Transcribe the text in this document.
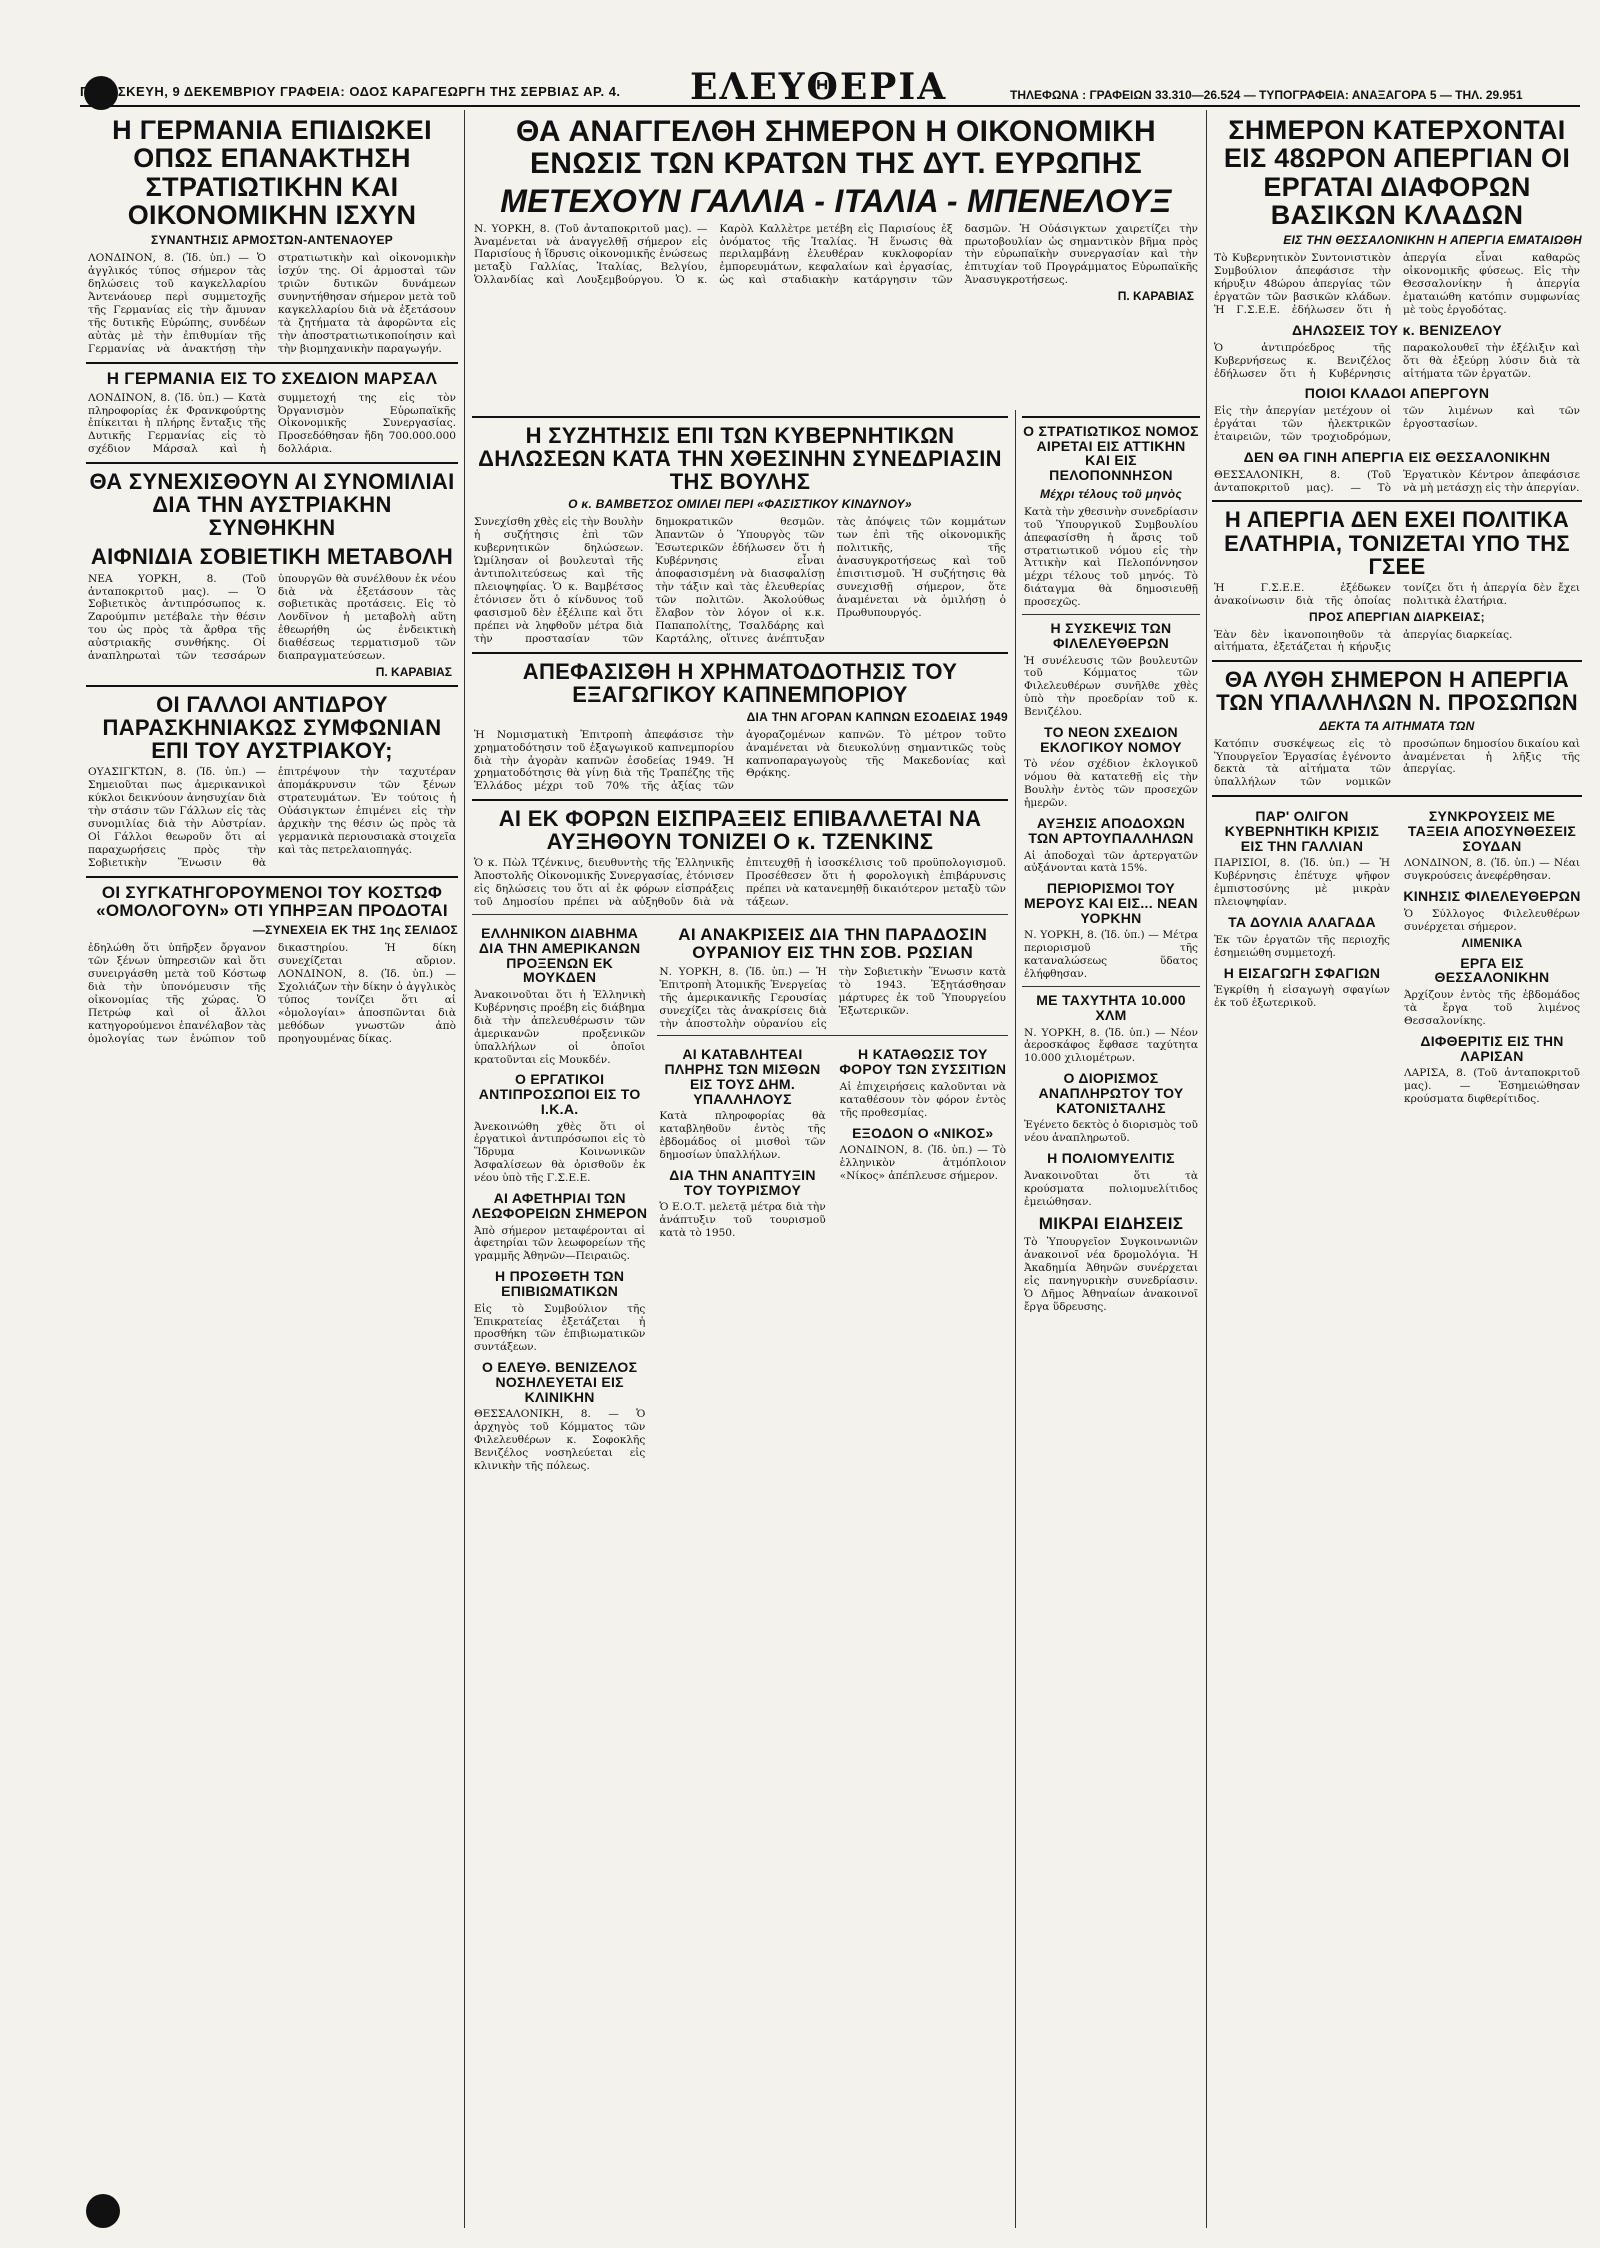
ΠΑΡΑΣΚΕΥΗ, 9 ΔΕΚΕΜΒΡΙΟΥ ΓΡΑΦΕΙΑ: ΟΔΟΣ ΚΑΡΑΓΕΩΡΓΗ ΤΗΣ ΣΕΡΒΙΑΣ ΑΡ. 4. ΕΛΕΥΘΕΡΙΑ	ΤΗΛΕΦΩΝΑ : ΓΡΑΦΕΙΩΝ 33.310—26.524 — ΤΥΠΟΓΡΑΦΕΙΑ: ΑΝΑΞΑΓΟΡΑ 5 — ΤΗΛ. 29.951
Η ΓΕΡΜΑΝΙΑ ΕΠΙΔΙΩΚΕΙ ΟΠΩΣ ΕΠΑΝΑΚΤΗΣΗ ΣΤΡΑΤΙΩΤΙΚΗΝ ΚΑΙ ΟΙΚΟΝΟΜΙΚΗΝ ΙΣΧΥΝ
ΣΥΝΑΝΤΗΣΙΣ ΑΡΜΟΣΤΩΝ-ΑΝΤΕΝΑΟΥΕΡ
ΛΟΝΔΙΝΟΝ, 8. (Ἰδ. ὑπ.) — Ὁ ἀγγλικός τύπος σήμερον τὰς δηλώσεις τοῦ καγκελλαρίου Ἀντενάουερ περὶ συμμετοχῆς τῆς Γερμανίας εἰς τὴν ἄμυναν τῆς δυτικῆς Εὐρώπης, συνδέων αὐτὰς μὲ τὴν ἐπιθυμίαν τῆς Γερμανίας νὰ ἀνακτήσῃ τὴν στρατιωτικὴν καὶ οἰκονομικὴν ἰσχύν της. Οἱ ἀρμοσταὶ τῶν τριῶν δυτικῶν δυνάμεων συνηντήθησαν σήμερον μετὰ τοῦ καγκελλαρίου διὰ νὰ ἐξετάσουν τὰ ζητήματα τὰ ἀφορῶντα εἰς τὴν ἀποστρατιωτικοποίησιν καὶ τὴν βιομηχανικὴν παραγωγήν.
Η ΓΕΡΜΑΝΙΑ ΕΙΣ ΤΟ ΣΧΕΔΙΟΝ ΜΑΡΣΑΛ
ΛΟΝΔΙΝΟΝ, 8. (Ἰδ. ὑπ.) — Κατὰ πληροφορίας ἐκ Φρανκφούρτης ἐπίκειται ἡ πλήρης ἔνταξις τῆς Δυτικῆς Γερμανίας εἰς τὸ σχέδιον Μάρσαλ καὶ ἡ συμμετοχή της εἰς τὸν Ὀργανισμὸν Εὐρωπαϊκῆς Οἰκονομικῆς Συνεργασίας. Προσεδόθησαν ἤδη 700.000.000 δολλάρια.
ΘΑ ΣΥΝΕΧΙΣΘΟΥΝ ΑΙ ΣΥΝΟΜΙΛΙΑΙ ΔΙΑ ΤΗΝ ΑΥΣΤΡΙΑΚΗΝ ΣΥΝΘΗΚΗΝ
ΑΙΦΝΙΔΙΑ ΣΟΒΙΕΤΙΚΗ ΜΕΤΑΒΟΛΗ
ΝΕΑ ΥΟΡΚΗ, 8. (Τοῦ ἀνταποκριτοῦ μας). — Ὁ Σοβιετικὸς ἀντιπρόσωπος κ. Ζαρούμπιν μετέβαλε τὴν θέσιν του ὡς πρὸς τὰ ἄρθρα τῆς αὐστριακῆς συνθήκης. Οἱ ἀναπληρωταὶ τῶν τεσσάρων ὑπουργῶν θὰ συνέλθουν ἐκ νέου διὰ νὰ ἐξετάσουν τὰς σοβιετικὰς προτάσεις. Εἰς τὸ Λονδῖνον ἡ μεταβολὴ αὕτη ἐθεωρήθη ὡς ἐνδεικτικὴ διαθέσεως τερματισμοῦ τῶν διαπραγματεύσεων.
Π. ΚΑΡΑΒΙΑΣ
ΟΙ ΓΑΛΛΟΙ ΑΝΤΙΔΡΟΥ ΠΑΡΑΣΚΗΝΙΑΚΩΣ ΣΥΜΦΩΝΙΑΝ ΕΠΙ ΤΟΥ ΑΥΣΤΡΙΑΚΟΥ;
ΟΥΑΣΙΓΚΤΩΝ, 8. (Ἰδ. ὑπ.) — Σημειοῦται πως ἀμερικανικοὶ κύκλοι δεικνύουν ἀνησυχίαν διὰ τὴν στάσιν τῶν Γάλλων εἰς τὰς συνομιλίας διὰ τὴν Αὐστρίαν. Οἱ Γάλλοι θεωροῦν ὅτι αἱ παραχωρήσεις πρὸς τὴν Σοβιετικὴν Ἕνωσιν θὰ ἐπιτρέψουν τὴν ταχυτέραν ἀπομάκρυνσιν τῶν ξένων στρατευμάτων. Ἐν τούτοις ἡ Οὐάσιγκτων ἐπιμένει εἰς τὴν ἀρχικὴν της θέσιν ὡς πρὸς τὰ γερμανικὰ περιουσιακὰ στοιχεῖα καὶ τὰς πετρελαιοπηγάς.
ΟΙ ΣΥΓΚΑΤΗΓΟΡΟΥΜΕΝΟΙ ΤΟΥ ΚΟΣΤΩΦ «ΟΜΟΛΟΓΟΥΝ» ΟΤΙ ΥΠΗΡΞΑΝ ΠΡΟΔΟΤΑΙ
—ΣΥΝΕΧΕΙΑ ΕΚ ΤΗΣ 1ης ΣΕΛΙΔΟΣ
ἐδηλώθη ὅτι ὑπῆρξεν ὄργανον τῶν ξένων ὑπηρεσιῶν καὶ ὅτι συνειργάσθη μετὰ τοῦ Κόστωφ διὰ τὴν ὑπονόμευσιν τῆς οἰκονομίας τῆς χώρας. Ὁ Πετρώφ καὶ οἱ ἄλλοι κατηγορούμενοι ἐπανέλαβον τὰς ὁμολογίας των ἐνώπιον τοῦ δικαστηρίου. Ἡ δίκη συνεχίζεται αὔριον. ΛΟΝΔΙΝΟΝ, 8. (Ἰδ. ὑπ.) — Σχολιάζων τὴν δίκην ὁ ἀγγλικὸς τύπος τονίζει ὅτι αἱ «ὁμολογίαι» ἀποσπῶνται διὰ μεθόδων γνωστῶν ἀπὸ προηγουμένας δίκας.
ΘΑ ΑΝΑΓΓΕΛΘΗ ΣΗΜΕΡΟΝ Η ΟΙΚΟΝΟΜΙΚΗ ΕΝΩΣΙΣ ΤΩΝ ΚΡΑΤΩΝ ΤΗΣ ΔΥΤ. ΕΥΡΩΠΗΣ
ΜΕΤΕΧΟΥΝ ΓΑΛΛΙΑ - ΙΤΑΛΙΑ - ΜΠΕΝΕΛΟΥΞ
Ν. ΥΟΡΚΗ, 8. (Τοῦ ἀνταποκριτοῦ μας). — Ἀναμένεται νὰ ἀναγγελθῇ σήμερον εἰς Παρισίους ἡ ἵδρυσις οἰκονομικῆς ἑνώσεως μεταξὺ Γαλλίας, Ἰταλίας, Βελγίου, Ὁλλανδίας καὶ Λουξεμβούργου. Ὁ κ. Καρὸλ Καλλὲτρε μετέβη εἰς Παρισίους ἐξ ὀνόματος τῆς Ἰταλίας. Ἡ ἕνωσις θὰ περιλαμβάνῃ ἐλευθέραν κυκλοφορίαν ἐμπορευμάτων, κεφαλαίων καὶ ἐργασίας, ὡς καὶ σταδιακὴν κατάργησιν τῶν δασμῶν. Ἡ Οὐάσιγκτων χαιρετίζει τὴν πρωτοβουλίαν ὡς σημαντικὸν βῆμα πρὸς τὴν εὐρωπαϊκὴν συνεργασίαν καὶ τὴν ἐπιτυχίαν τοῦ Προγράμματος Εὐρωπαϊκῆς Ἀνασυγκροτήσεως.
Π. ΚΑΡΑΒΙΑΣ
Η ΣΥΖΗΤΗΣΙΣ ΕΠΙ ΤΩΝ ΚΥΒΕΡΝΗΤΙΚΩΝ ΔΗΛΩΣΕΩΝ ΚΑΤΑ ΤΗΝ ΧΘΕΣΙΝΗΝ ΣΥΝΕΔΡΙΑΣΙΝ ΤΗΣ ΒΟΥΛΗΣ
Ο κ. ΒΑΜΒΕΤΣΟΣ ΟΜΙΛΕΙ ΠΕΡΙ «ΦΑΣΙΣΤΙΚΟΥ ΚΙΝΔΥΝΟΥ»
Συνεχίσθη χθὲς εἰς τὴν Βουλὴν ἡ συζήτησις ἐπὶ τῶν κυβερνητικῶν δηλώσεων. Ὡμίλησαν οἱ βουλευταὶ τῆς ἀντιπολιτεύσεως καὶ τῆς πλειοψηφίας. Ὁ κ. Βαμβέτσος ἐτόνισεν ὅτι ὁ κίνδυνος τοῦ φασισμοῦ δὲν ἐξέλιπε καὶ ὅτι πρέπει νὰ ληφθοῦν μέτρα διὰ τὴν προστασίαν τῶν δημοκρατικῶν θεσμῶν. Ἀπαντῶν ὁ Ὑπουργὸς τῶν Ἐσωτερικῶν ἐδήλωσεν ὅτι ἡ Κυβέρνησις εἶναι ἀποφασισμένη νὰ διασφαλίσῃ τὴν τάξιν καὶ τὰς ἐλευθερίας τῶν πολιτῶν. Ἀκολούθως ἔλαβον τὸν λόγον οἱ κ.κ. Παπαπολίτης, Τσαλδάρης καὶ Καρτάλης, οἵτινες ἀνέπτυξαν τὰς ἀπόψεις τῶν κομμάτων των ἐπὶ τῆς οἰκονομικῆς πολιτικῆς, τῆς ἀνασυγκροτήσεως καὶ τοῦ ἐπισιτισμοῦ. Ἡ συζήτησις θὰ συνεχισθῇ σήμερον, ὅτε ἀναμένεται νὰ ὁμιλήσῃ ὁ Πρωθυπουργός.
ΑΠΕΦΑΣΙΣΘΗ Η ΧΡΗΜΑΤΟΔΟΤΗΣΙΣ ΤΟΥ ΕΞΑΓΩΓΙΚΟΥ ΚΑΠΝΕΜΠΟΡΙΟΥ
ΔΙΑ ΤΗΝ ΑΓΟΡΑΝ ΚΑΠΝΩΝ ΕΣΟΔΕΙΑΣ 1949
Ἡ Νομισματικὴ Ἐπιτροπὴ ἀπεφάσισε τὴν χρηματοδότησιν τοῦ ἐξαγωγικοῦ καπνεμπορίου διὰ τὴν ἀγορὰν καπνῶν ἐσοδείας 1949. Ἡ χρηματοδότησις θὰ γίνῃ διὰ τῆς Τραπέζης τῆς Ἑλλάδος μέχρι τοῦ 70% τῆς ἀξίας τῶν ἀγοραζομένων καπνῶν. Τὸ μέτρον τοῦτο ἀναμένεται νὰ διευκολύνῃ σημαντικῶς τοὺς καπνοπαραγωγοὺς τῆς Μακεδονίας καὶ Θρᾴκης.
ΑΙ ΕΚ ΦΟΡΩΝ ΕΙΣΠΡΑΞΕΙΣ ΕΠΙΒΑΛΛΕΤΑΙ ΝΑ ΑΥΞΗΘΟΥΝ ΤΟΝΙΖΕΙ Ο κ. ΤΖΕΝΚΙΝΣ
Ὁ κ. Πὼλ Τζένκινς, διευθυντὴς τῆς Ἐλληνικῆς Ἀποστολῆς Οἰκονομικῆς Συνεργασίας, ἐτόνισεν εἰς δηλώσεις του ὅτι αἱ ἐκ φόρων εἰσπράξεις τοῦ Δημοσίου πρέπει νὰ αὐξηθοῦν διὰ νὰ ἐπιτευχθῇ ἡ ἰσοσκέλισις τοῦ προϋπολογισμοῦ. Προσέθεσεν ὅτι ἡ φορολογικὴ ἐπιβάρυνσις πρέπει νὰ κατανεμηθῇ δικαιότερον μεταξὺ τῶν τάξεων.
ΕΛΛΗΝΙΚΟΝ ΔΙΑΒΗΜΑ ΔΙΑ ΤΗΝ ΑΜΕΡΙΚΑΝΩΝ ΠΡΟΞΕΝΩΝ ΕΚ ΜΟΥΚΔΕΝ
Ἀνακοινοῦται ὅτι ἡ Ἑλληνικὴ Κυβέρνησις προέβη εἰς διάβημα διὰ τὴν ἀπελευθέρωσιν τῶν ἀμερικανῶν προξενικῶν ὑπαλλήλων οἱ ὁποῖοι κρατοῦνται εἰς Μουκδέν.
Ο ΕΡΓΑΤΙΚΟΙ ΑΝΤΙΠΡΟΣΩΠΟΙ ΕΙΣ ΤΟ Ι.Κ.Α.
Ἀνεκοινώθη χθὲς ὅτι οἱ ἐργατικοὶ ἀντιπρόσωποι εἰς τὸ Ἵδρυμα Κοινωνικῶν Ἀσφαλίσεων θὰ ὁρισθοῦν ἐκ νέου ὑπὸ τῆς Γ.Σ.Ε.Ε.
ΑΙ ΑΦΕΤΗΡΙΑΙ ΤΩΝ ΛΕΩΦΟΡΕΙΩΝ ΣΗΜΕΡΟΝ
Ἀπὸ σήμερον μεταφέρονται αἱ ἀφετηρίαι τῶν λεωφορείων τῆς γραμμῆς Ἀθηνῶν—Πειραιῶς.
Η ΠΡΟΣΘΕΤΗ ΤΩΝ ΕΠΙΒΙΩΜΑΤΙΚΩΝ
Εἰς τὸ Συμβούλιον τῆς Ἐπικρατείας ἐξετάζεται ἡ προσθήκη τῶν ἐπιβιωματικῶν συντάξεων.
Ο ΕΛΕΥΘ. ΒΕΝΙΖΕΛΟΣ ΝΟΣΗΛΕΥΕΤΑΙ ΕΙΣ ΚΛΙΝΙΚΗΝ
ΘΕΣΣΑΛΟΝΙΚΗ, 8. — Ὁ ἀρχηγὸς τοῦ Κόμματος τῶν Φιλελευθέρων κ. Σοφοκλῆς Βενιζέλος νοσηλεύεται εἰς κλινικὴν τῆς πόλεως.
ΑΙ ΑΝΑΚΡΙΣΕΙΣ ΔΙΑ ΤΗΝ ΠΑΡΑΔΟΣΙΝ ΟΥΡΑΝΙΟΥ ΕΙΣ ΤΗΝ ΣΟΒ. ΡΩΣΙΑΝ
Ν. ΥΟΡΚΗ, 8. (Ἰδ. ὑπ.) — Ἡ Ἐπιτροπὴ Ἀτομικῆς Ἐνεργείας τῆς ἀμερικανικῆς Γερουσίας συνεχίζει τὰς ἀνακρίσεις διὰ τὴν ἀποστολὴν οὐρανίου εἰς τὴν Σοβιετικὴν Ἕνωσιν κατὰ τὸ 1943. Ἐξητάσθησαν μάρτυρες ἐκ τοῦ Ὑπουργείου Ἐξωτερικῶν.
ΑΙ ΚΑΤΑΒΛΗΤΕΑΙ ΠΛΗΡΗΣ ΤΩΝ ΜΙΣΘΩΝ ΕΙΣ ΤΟΥΣ ΔΗΜ. ΥΠΑΛΛΗΛΟΥΣ
Κατὰ πληροφορίας θὰ καταβληθοῦν ἐντὸς τῆς ἑβδομάδος οἱ μισθοὶ τῶν δημοσίων ὑπαλλήλων.
ΔΙΑ ΤΗΝ ΑΝΑΠΤΥΞΙΝ ΤΟΥ ΤΟΥΡΙΣΜΟΥ
Ὁ Ε.Ο.Τ. μελετᾷ μέτρα διὰ τὴν ἀνάπτυξιν τοῦ τουρισμοῦ κατὰ τὸ 1950.
Η ΚΑΤΑΘΩΣΙΣ ΤΟΥ ΦΟΡΟΥ ΤΩΝ ΣΥΣΣΙΤΙΩΝ
Αἱ ἐπιχειρήσεις καλοῦνται νὰ καταθέσουν τὸν φόρον ἐντὸς τῆς προθεσμίας.
ΕΞΟΔΟΝ Ο «ΝΙΚΟΣ»
ΛΟΝΔΙΝΟΝ, 8. (Ἰδ. ὑπ.) — Τὸ ἑλληνικὸν ἀτμόπλοιον «Νίκος» ἀπέπλευσε σήμερον.
Ο ΣΤΡΑΤΙΩΤΙΚΟΣ ΝΟΜΟΣ ΑΙΡΕΤΑΙ ΕΙΣ ΑΤΤΙΚΗΝ ΚΑΙ ΕΙΣ ΠΕΛΟΠΟΝΝΗΣΟΝ
Μέχρι τέλους τοῦ μηνὸς
Κατὰ τὴν χθεσινὴν συνεδρίασιν τοῦ Ὑπουργικοῦ Συμβουλίου ἀπεφασίσθη ἡ ἄρσις τοῦ στρατιωτικοῦ νόμου εἰς τὴν Ἀττικὴν καὶ Πελοπόννησον μέχρι τέλους τοῦ μηνός. Τὸ διάταγμα θὰ δημοσιευθῇ προσεχῶς.
Η ΣΥΣΚΕΨΙΣ ΤΩΝ ΦΙΛΕΛΕΥΘΕΡΩΝ
Ἡ συνέλευσις τῶν βουλευτῶν τοῦ Κόμματος τῶν Φιλελευθέρων συνῆλθε χθὲς ὑπὸ τὴν προεδρίαν τοῦ κ. Βενιζέλου.
ΤΟ ΝΕΟΝ ΣΧΕΔΙΟΝ ΕΚΛΟΓΙΚΟΥ ΝΟΜΟΥ
Τὸ νέον σχέδιον ἐκλογικοῦ νόμου θὰ κατατεθῇ εἰς τὴν Βουλὴν ἐντὸς τῶν προσεχῶν ἡμερῶν.
ΑΥΞΗΣΙΣ ΑΠΟΔΟΧΩΝ ΤΩΝ ΑΡΤΟΥΠΑΛΛΗΛΩΝ
Αἱ ἀποδοχαὶ τῶν ἀρτεργατῶν αὐξάνονται κατὰ 15%.
ΠΕΡΙΟΡΙΣΜΟΙ ΤΟΥ ΜΕΡΟΥΣ ΚΑΙ ΕΙΣ... ΝΕΑΝ ΥΟΡΚΗΝ
Ν. ΥΟΡΚΗ, 8. (Ἰδ. ὑπ.) — Μέτρα περιορισμοῦ τῆς καταναλώσεως ὕδατος ἐλήφθησαν.
ΜΕ ΤΑΧΥΤΗΤΑ 10.000 ΧΛΜ
Ν. ΥΟΡΚΗ, 8. (Ἰδ. ὑπ.) — Νέον ἀεροσκάφος ἔφθασε ταχύτητα 10.000 χιλιομέτρων.
Ο ΔΙΟΡΙΣΜΟΣ ΑΝΑΠΛΗΡΩΤΟΥ ΤΟΥ ΚΑΤΟΝΙΣΤΑΛΗΣ
Ἐγένετο δεκτὸς ὁ διορισμὸς τοῦ νέου ἀναπληρωτοῦ.
Η ΠΟΛΙΟΜΥΕΛΙΤΙΣ
Ἀνακοινοῦται ὅτι τὰ κρούσματα πολιομυελίτιδος ἐμειώθησαν.
ΜΙΚΡΑΙ ΕΙΔΗΣΕΙΣ
Τὸ Ὑπουργεῖον Συγκοινωνιῶν ἀνακοινοῖ νέα δρομολόγια. Ἡ Ἀκαδημία Ἀθηνῶν συνέρχεται εἰς πανηγυρικὴν συνεδρίασιν. Ὁ Δῆμος Ἀθηναίων ἀνακοινοῖ ἔργα ὕδρευσης.
ΣΗΜΕΡΟΝ ΚΑΤΕΡΧΟΝΤΑΙ ΕΙΣ 48ΩΡΟΝ ΑΠΕΡΓΙΑΝ ΟΙ ΕΡΓΑΤΑΙ ΔΙΑΦΟΡΩΝ ΒΑΣΙΚΩΝ ΚΛΑΔΩΝ
ΕΙΣ ΤΗΝ ΘΕΣΣΑΛΟΝΙΚΗΝ Η ΑΠΕΡΓΙΑ ΕΜΑΤΑΙΩΘΗ
Τὸ Κυβερνητικὸν Συντονιστικὸν Συμβούλιον ἀπεφάσισε τὴν κήρυξιν 48ώρου ἀπεργίας τῶν ἐργατῶν τῶν βασικῶν κλάδων. Ἡ Γ.Σ.Ε.Ε. ἐδήλωσεν ὅτι ἡ ἀπεργία εἶναι καθαρῶς οἰκονομικῆς φύσεως. Εἰς τὴν Θεσσαλονίκην ἡ ἀπεργία ἐματαιώθη κατόπιν συμφωνίας μὲ τοὺς ἐργοδότας.
ΔΗΛΩΣΕΙΣ ΤΟΥ κ. ΒΕΝΙΖΕΛΟΥ
Ὁ ἀντιπρόεδρος τῆς Κυβερνήσεως κ. Βενιζέλος ἐδήλωσεν ὅτι ἡ Κυβέρνησις παρακολουθεῖ τὴν ἐξέλιξιν καὶ ὅτι θὰ ἐξεύρῃ λύσιν διὰ τὰ αἰτήματα τῶν ἐργατῶν.
ΠΟΙΟΙ ΚΛΑΔΟΙ ΑΠΕΡΓΟΥΝ
Εἰς τὴν ἀπεργίαν μετέχουν οἱ ἐργάται τῶν ἠλεκτρικῶν ἑταιρειῶν, τῶν τροχιοδρόμων, τῶν λιμένων καὶ τῶν ἐργοστασίων.
ΔΕΝ ΘΑ ΓΙΝΗ ΑΠΕΡΓΙΑ ΕΙΣ ΘΕΣΣΑΛΟΝΙΚΗΝ
ΘΕΣΣΑΛΟΝΙΚΗ, 8. (Τοῦ ἀνταποκριτοῦ μας). — Τὸ Ἐργατικὸν Κέντρον ἀπεφάσισε νὰ μὴ μετάσχῃ εἰς τὴν ἀπεργίαν.
Η ΑΠΕΡΓΙΑ ΔΕΝ ΕΧΕΙ ΠΟΛΙΤΙΚΑ ΕΛΑΤΗΡΙΑ, ΤΟΝΙΖΕΤΑΙ ΥΠΟ ΤΗΣ ΓΣΕΕ
Ἡ Γ.Σ.Ε.Ε. ἐξέδωκεν ἀνακοίνωσιν διὰ τῆς ὁποίας τονίζει ὅτι ἡ ἀπεργία δὲν ἔχει πολιτικὰ ἐλατήρια.
ΠΡΟΣ ΑΠΕΡΓΙΑΝ ΔΙΑΡΚΕΙΑΣ;
Ἐὰν δὲν ἱκανοποιηθοῦν τὰ αἰτήματα, ἐξετάζεται ἡ κήρυξις ἀπεργίας διαρκείας.
ΘΑ ΛΥΘΗ ΣΗΜΕΡΟΝ Η ΑΠΕΡΓΙΑ ΤΩΝ ΥΠΑΛΛΗΛΩΝ Ν. ΠΡΟΣΩΠΩΝ
ΔΕΚΤΑ ΤΑ ΑΙΤΗΜΑΤΑ ΤΩΝ
Κατόπιν συσκέψεως εἰς τὸ Ὑπουργεῖον Ἐργασίας ἐγένοντο δεκτὰ τὰ αἰτήματα τῶν ὑπαλλήλων τῶν νομικῶν προσώπων δημοσίου δικαίου καὶ ἀναμένεται ἡ λῆξις τῆς ἀπεργίας.
ΠΑΡ' ΟΛΙΓΟΝ ΚΥΒΕΡΝΗΤΙΚΗ ΚΡΙΣΙΣ ΕΙΣ ΤΗΝ ΓΑΛΛΙΑΝ
ΠΑΡΙΣΙΟΙ, 8. (Ἰδ. ὑπ.) — Ἡ Κυβέρνησις ἐπέτυχε ψῆφον ἐμπιστοσύνης μὲ μικρὰν πλειοψηφίαν.
ΤΑ ΔΟΥΛΙΑ ΑΛΑΓΑΔΑ
Ἐκ τῶν ἐργατῶν τῆς περιοχῆς ἐσημειώθη συμμετοχή.
Η ΕΙΣΑΓΩΓΗ ΣΦΑΓΙΩΝ
Ἐγκρίθη ἡ εἰσαγωγὴ σφαγίων ἐκ τοῦ ἐξωτερικοῦ.
ΣΥΝΚΡΟΥΣΕΙΣ ΜΕ ΤΑΞΕΙΑ ΑΠΟΣΥΝΘΕΣΕΙΣ ΣΟΥΔΑΝ
ΛΟΝΔΙΝΟΝ, 8. (Ἰδ. ὑπ.) — Νέαι συγκρούσεις ἀνεφέρθησαν.
ΚΙΝΗΣΙΣ ΦΙΛΕΛΕΥΘΕΡΩΝ
Ὁ Σύλλογος Φιλελευθέρων συνέρχεται σήμερον.
ΛΙΜΕΝΙΚΑ
ΕΡΓΑ ΕΙΣ ΘΕΣΣΑΛΟΝΙΚΗΝ
Ἀρχίζουν ἐντὸς τῆς ἑβδομάδος τὰ ἔργα τοῦ λιμένος Θεσσαλονίκης.
ΔΙΦΘΕΡΙΤΙΣ ΕΙΣ ΤΗΝ ΛΑΡΙΣΑΝ
ΛΑΡΙΣΑ, 8. (Τοῦ ἀνταποκριτοῦ μας). — Ἐσημειώθησαν κρούσματα διφθερίτιδος.
